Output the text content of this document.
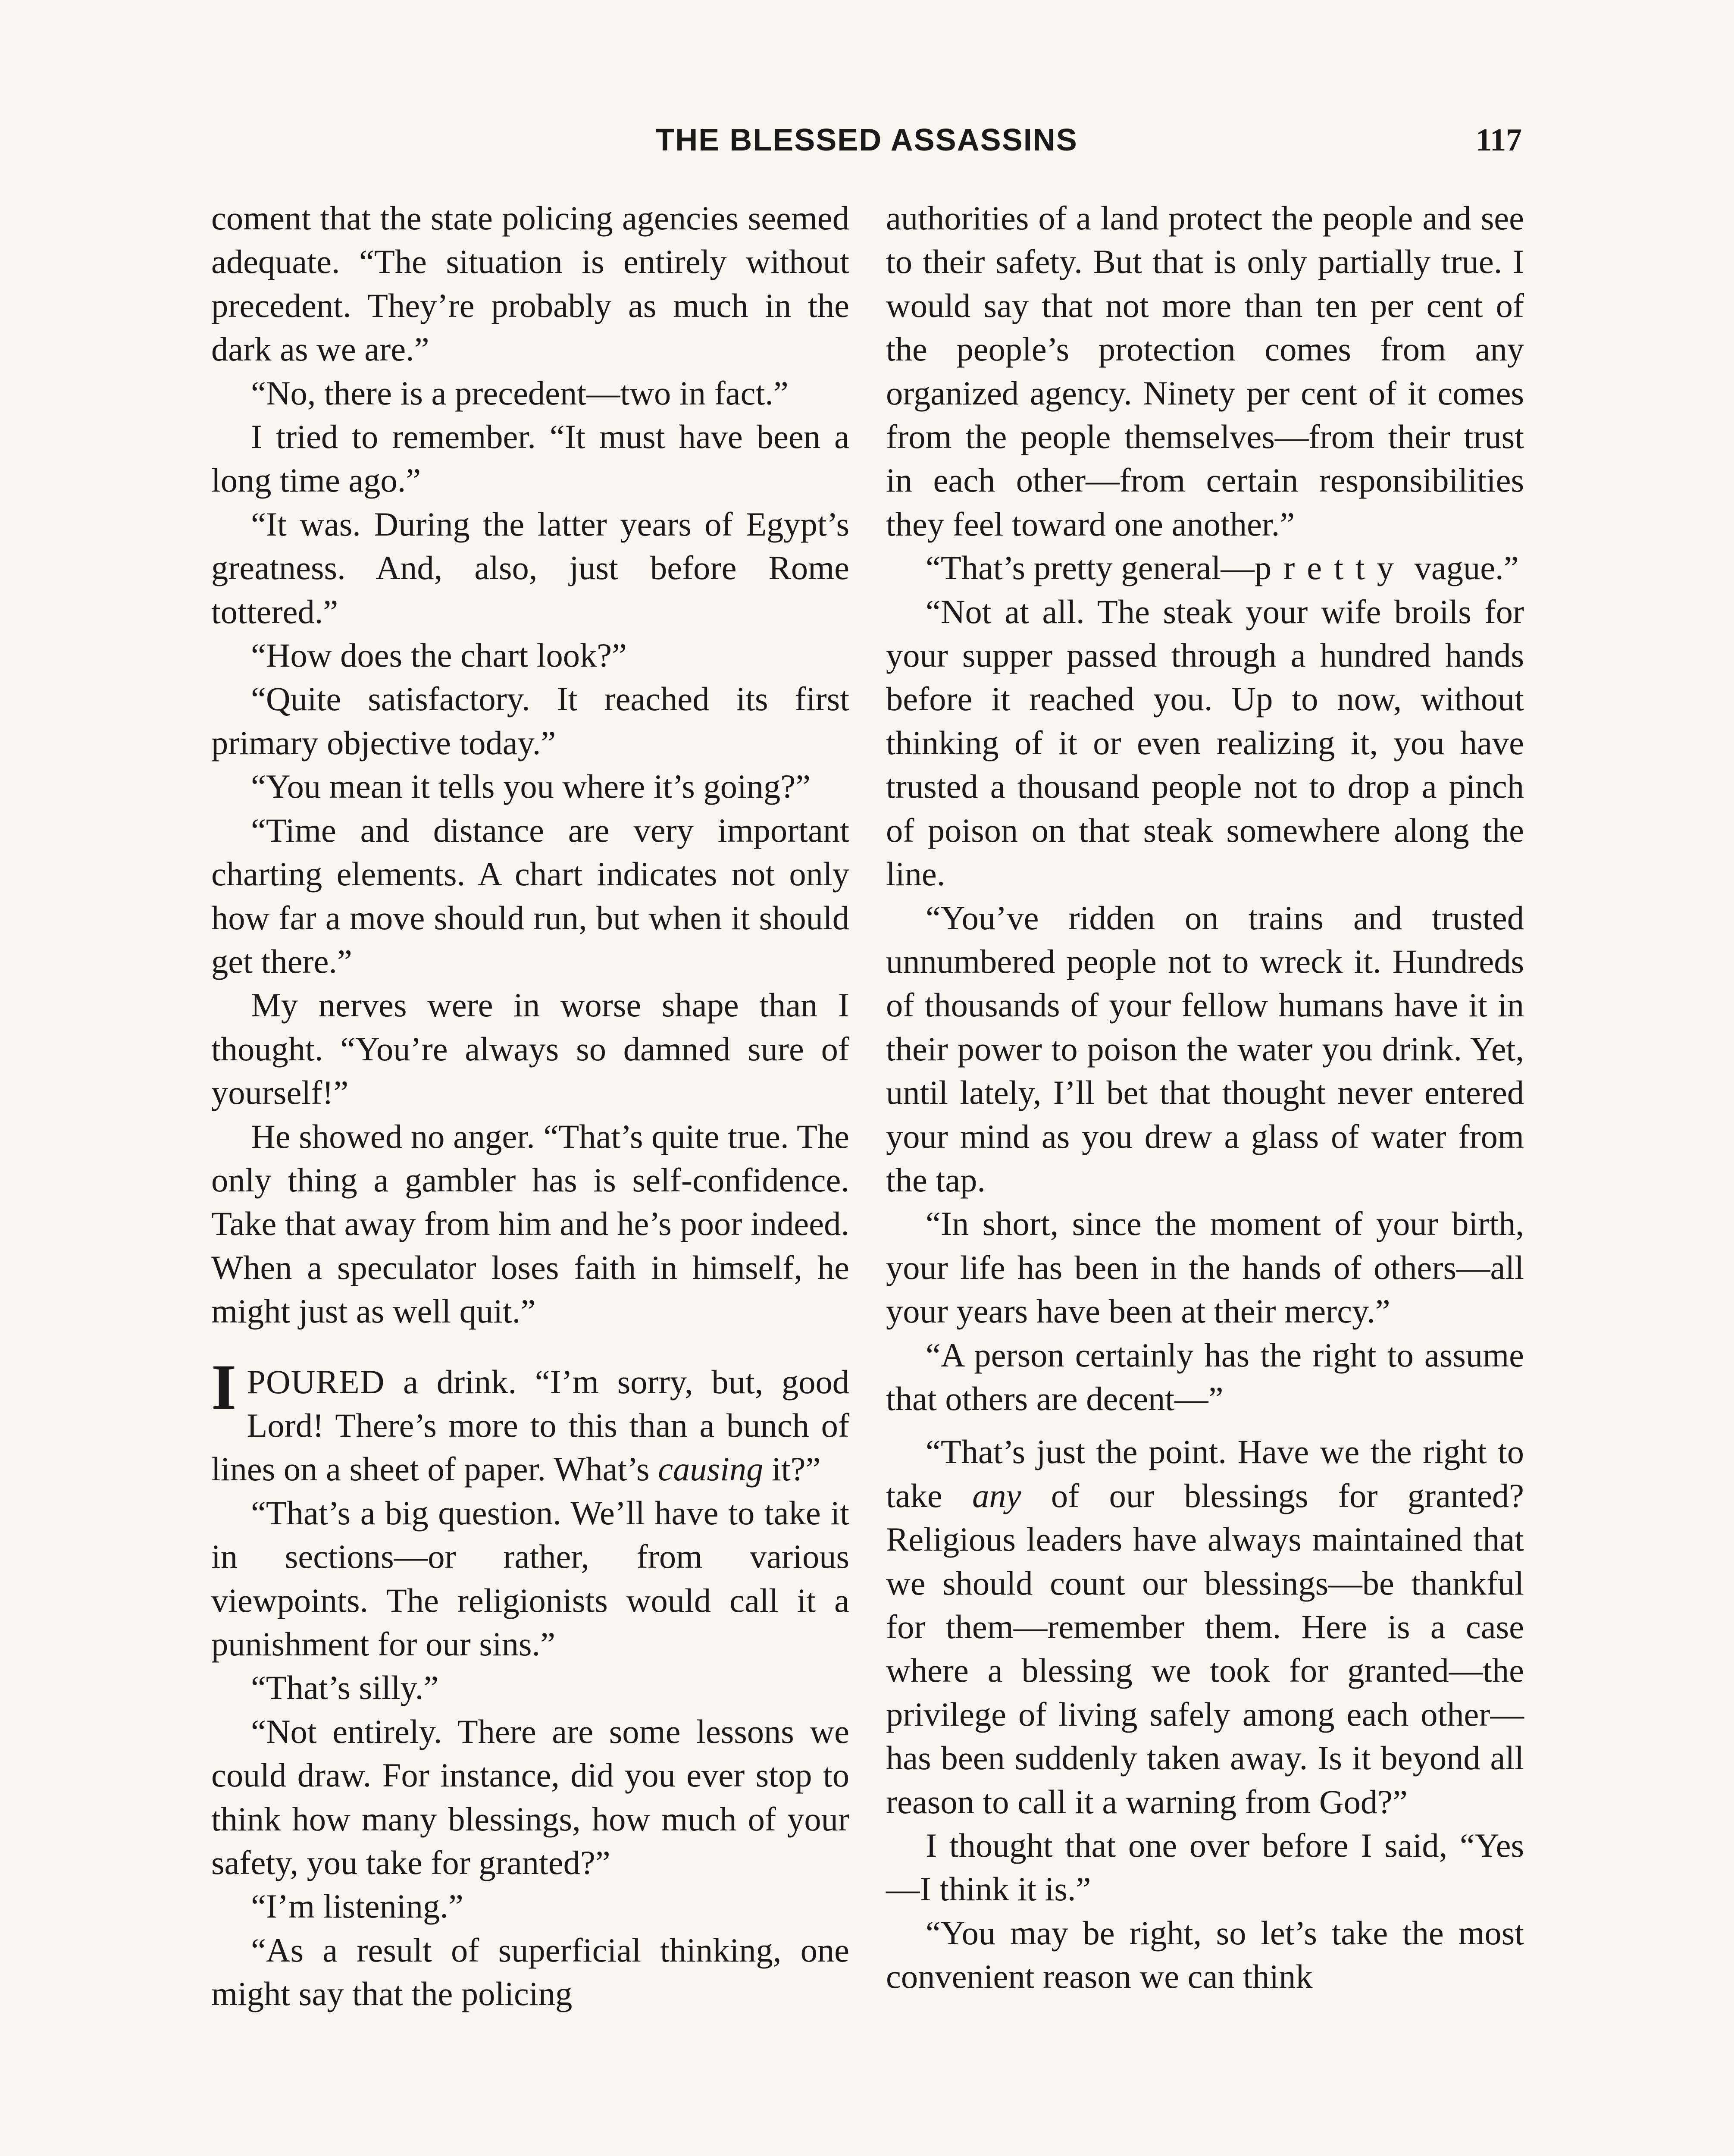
THE BLESSED ASSASSINS	117

coment that the state policing agencies seemed adequate. “The situation is entirely without precedent. They’re probably as much in the dark as we are.”

“No, there is a precedent—two in fact.”

I tried to remember. “It must have been a long time ago.”

“It was. During the latter years of Egypt’s greatness. And, also, just before Rome tottered.”

“How does the chart look?”

“Quite satisfactory. It reached its first primary objective today.”

“You mean it tells you where it’s going?”

“Time and distance are very important charting elements. A chart indicates not only how far a move should run, but when it should get there.”

My nerves were in worse shape than I thought. “You’re always so damned sure of yourself!”

He showed no anger. “That’s quite true. The only thing a gambler has is self-confidence. Take that away from him and he’s poor indeed. When a speculator loses faith in himself, he might just as well quit.”

IPOURED a drink. “I’m sorry, but, good Lord! There’s more to this than a bunch of lines on a sheet of paper. What’s causing it?”

“That’s a big question. We’ll have to take it in sections—or rather, from various viewpoints. The religionists would call it a punishment for our sins.”

“That’s silly.”

“Not entirely. There are some lessons we could draw. For instance, did you ever stop to think how many blessings, how much of your safety, you take for granted?”

“I’m listening.”

“As a result of superficial thinking, one might say that the policing

authorities of a land protect the people and see to their safety. But that is only partially true. I would say that not more than ten per cent of the people’s protection comes from any organized agency. Ninety per cent of it comes from the people themselves—from their trust in each other—from certain responsibilities they feel toward one another.”

“That’s pretty general—pretty vague.”

“Not at all. The steak your wife broils for your supper passed through a hundred hands before it reached you. Up to now, without thinking of it or even realizing it, you have trusted a thousand people not to drop a pinch of poison on that steak somewhere along the line.

“You’ve ridden on trains and trusted unnumbered people not to wreck it. Hundreds of thousands of your fellow humans have it in their power to poison the water you drink. Yet, until lately, I’ll bet that thought never entered your mind as you drew a glass of water from the tap.

“In short, since the moment of your birth, your life has been in the hands of others—all your years have been at their mercy.”

“A person certainly has the right to assume that others are decent—”

“That’s just the point. Have we the right to take any of our blessings for granted? Religious leaders have always maintained that we should count our blessings—be thankful for them—remember them. Here is a case where a blessing we took for granted—the privilege of living safely among each other—has been suddenly taken away. Is it beyond all reason to call it a warning from God?”

I thought that one over before I said, “Yes—I think it is.”

“You may be right, so let’s take the most convenient reason we can think
